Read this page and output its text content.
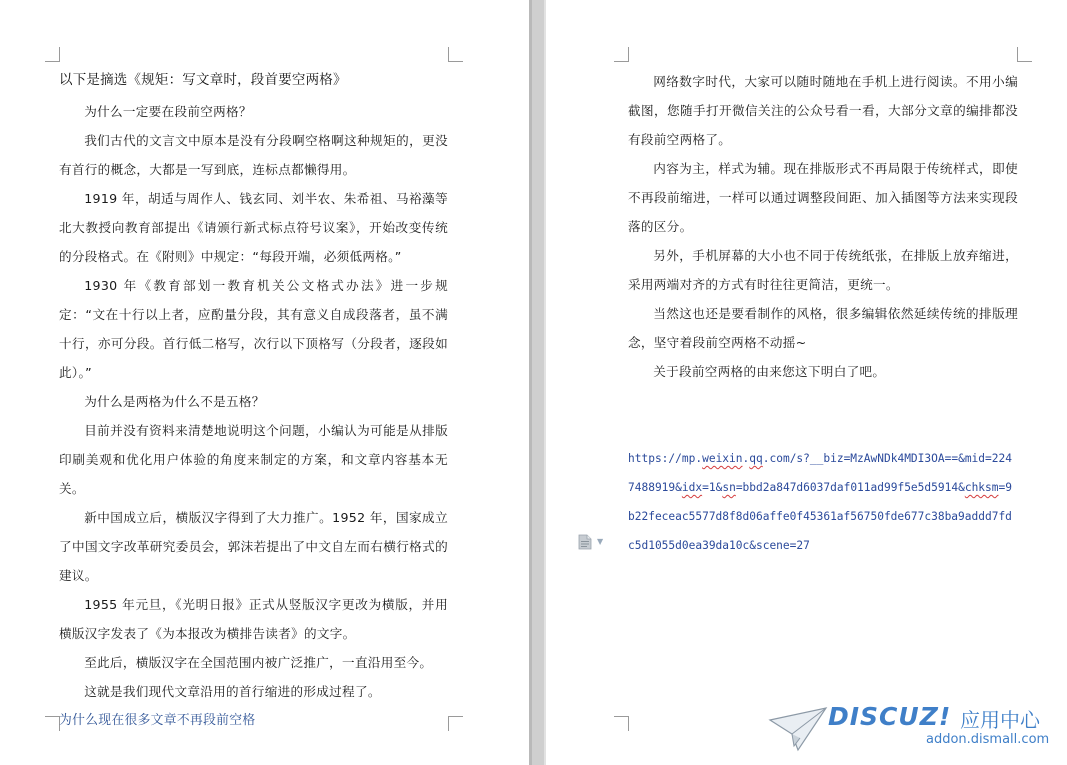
以下是摘选《规矩：写文章时，段首要空两格》

为什么一定要在段前空两格？

我们古代的文言文中原本是没有分段啊空格啊这种规矩的，更没有首行的概念，大都是一写到底，连标点都懒得用。

1919 年，胡适与周作人、钱玄同、刘半农、朱希祖、马裕藻等北大教授向教育部提出《请颁行新式标点符号议案》，开始改变传统的分段格式。在《附则》中规定：“每段开端，必须低两格。”

1930 年《教育部划一教育机关公文格式办法》进一步规定：“文在十行以上者，应酌量分段，其有意义自成段落者，虽不满十行，亦可分段。首行低二格写，次行以下顶格写（分段者，逐段如此）。”

为什么是两格为什么不是五格？

目前并没有资料来清楚地说明这个问题，小编认为可能是从排版印刷美观和优化用户体验的角度来制定的方案，和文章内容基本无关。

新中国成立后，横版汉字得到了大力推广。1952 年，国家成立了中国文字改革研究委员会，郭沫若提出了中文自左而右横行格式的建议。

1955 年元旦，《光明日报》正式从竖版汉字更改为横版，并用横版汉字发表了《为本报改为横排告读者》的文字。

至此后，横版汉字在全国范围内被广泛推广，一直沿用至今。

这就是我们现代文章沿用的首行缩进的形成过程了。

为什么现在很多文章不再段前空格

网络数字时代，大家可以随时随地在手机上进行阅读。不用小编截图，您随手打开微信关注的公众号看一看，大部分文章的编排都没有段前空两格了。

内容为主，样式为辅。现在排版形式不再局限于传统样式，即使不再段前缩进，一样可以通过调整段间距、加入插图等方法来实现段落的区分。

另外，手机屏幕的大小也不同于传统纸张，在排版上放弃缩进，采用两端对齐的方式有时往往更简洁，更统一。

当然这也还是要看制作的风格，很多编辑依然延续传统的排版理念，坚守着段前空两格不动摇~

关于段前空两格的由来您这下明白了吧。

https://mp.weixin.qq.com/s?__biz=MzAwNDk4MDI3OA==&mid=2247488919&idx=1&sn=bbd2a847d6037daf011ad99f5e5d5914&chksm=9b22feceac5577d8f8d06affe0f45361af56750fde677c38ba9addd7fdc5d1055d0ea39da10c&scene=27

▼
DISCUZ! 应用中心
addon.dismall.com
